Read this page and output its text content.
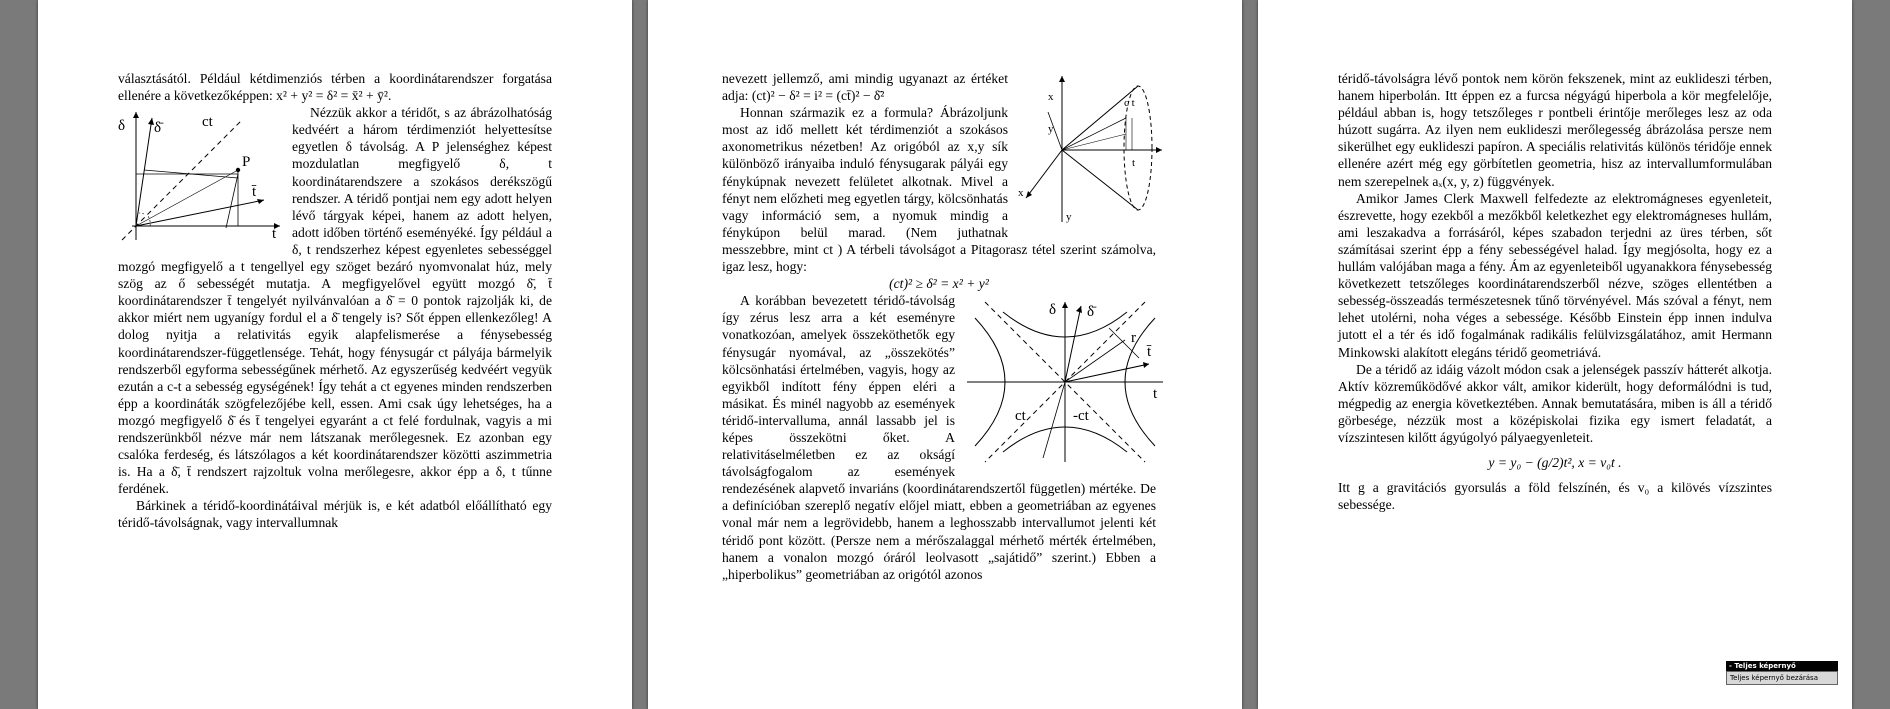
választásától. Például kétdimenziós térben a koordinátarendszer forgatása ellenére a következőképpen: x² + y² = δ² = x̄² + ȳ².

δ δ̄	ct
P
t̄
t
Nézzük akkor a téridőt, s az ábrázolhatóság kedvéért a három térdimenziót helyettesítse egyetlen δ távolság. A P jelenséghez képest mozdulatlan megfigyelő δ, t koordinátarendszere a szokásos derékszögű rendszer. A téridő pontjai nem egy adott helyen lévő tárgyak képei, hanem az adott helyen, adott időben történő eseményéké. Így például a δ, t rendszerhez képest egyenletes sebességgel mozgó megfigyelő a t tengellyel egy szöget bezáró nyomvonalat húz, mely szög az ő sebességét mutatja. A megfigyelővel együtt mozgó δ̄, t̄ koordinátarendszer t̄ tengelyét nyilvánvalóan a δ̄ = 0 pontok rajzolják ki, de akkor miért nem ugyanígy fordul el a δ̄ tengely is? Sőt éppen ellenkezőleg! A dolog nyitja a relativitás egyik alapfelismerése a fénysebesség koordinátarendszer-függetlensége. Tehát, hogy fénysugár ct pályája bármelyik rendszerből egyforma sebességűnek mérhető. Az egyszerűség kedvéért vegyük ezután a c-t a sebesség egységének! Így tehát a ct egyenes minden rendszerben épp a koordináták szögfelezőjébe kell, essen. Ami csak úgy lehetséges, ha a mozgó megfigyelő δ̄ és t̄ tengelyei egyaránt a ct felé fordulnak, vagyis a mi rendszerünkből nézve már nem látszanak merőlegesnek. Ez azonban egy csalóka ferdeség, és látszólagos a két koordinátarendszer közötti aszimmetria is. Ha a δ̄, t̄ rendszert rajzoltuk volna merőlegesre, akkor épp a δ, t tűnne ferdének.

Bárkinek a téridő-koordinátáival mérjük is, e két adatból előállítható egy téridő-távolságnak, vagy intervallumnak

x
y
c t
t
x
y
nevezett jellemző, ami mindig ugyanazt az értéket adja: (ct)² − δ² = i² = (ct̄)² − δ̄²

Honnan származik ez a formula? Ábrázoljunk most az idő mellett két térdimenziót a szokásos axonometrikus nézetben! Az origóból az x,y sík különböző irányaiba induló fénysugarak pályái egy fénykúpnak nevezett felületet alkotnak. Mivel a fényt nem előzheti meg egyetlen tárgy, kölcsönhatás vagy információ sem, a nyomuk mindig a fénykúpon belül marad. (Nem juthatnak messzebbre, mint ct ) A térbeli távolságot a Pitagorasz tétel szerint számolva, igaz lesz, hogy:

(ct)² ≥ δ² = x² + y²

δ δ̄
r
t̄
t
ct	-ct
A korábban bevezetett téridő-távolság így zérus lesz arra a két eseményre vonatkozóan, amelyek összeköthetők egy fénysugár nyomával, az „összekötés” kölcsönhatási értelmében, vagyis, hogy az egyikből indított fény éppen eléri a másikat. És minél nagyobb az események téridő-intervalluma, annál lassabb jel is képes összekötni őket. A relativitáselméletben ez az okságí távolságfogalom az események rendezésének alapvető invariáns (koordinátarendszertől független) mértéke. De a definícióban szereplő negatív előjel miatt, ebben a geometriában az egyenes vonal már nem a legrövidebb, hanem a leghosszabb intervallumot jelenti két téridő pont között. (Persze nem a mérőszalaggal mérhető mérték értelmében, hanem a vonalon mozgó óráról leolvasott „sajátidő” szerint.) Ebben a „hiperbolikus” geometriában az origótól azonos

téridő-távolságra lévő pontok nem körön fekszenek, mint az euklideszi térben, hanem hiperbolán. Itt éppen ez a furcsa négyágú hiperbola a kör megfelelője, például abban is, hogy tetszőleges r pontbeli érintője merőleges lesz az oda húzott sugárra. Az ilyen nem euklideszi merőlegesség ábrázolása persze nem sikerülhet egy euklideszi papíron. A speciális relativitás különös téridője ennek ellenére azért még egy görbítetlen geometria, hisz az intervallumformulában nem szerepelnek aₓ(x, y, z) függvények.

Amikor James Clerk Maxwell felfedezte az elektromágneses egyenleteit, észrevette, hogy ezekből a mezőkből keletkezhet egy elektromágneses hullám, ami leszakadva a forrásáról, képes szabadon terjedni az üres térben, sőt számításai szerint épp a fény sebességével halad. Így megjósolta, hogy ez a hullám valójában maga a fény. Ám az egyenleteiből ugyanakkora fénysebesség következett tetszőleges koordinátarendszerből nézve, szöges ellentétben a sebesség-összeadás természetesnek tűnő törvényével. Más szóval a fényt, nem lehet utolérni, noha véges a sebessége. Később Einstein épp innen indulva jutott el a tér és idő fogalmának radikális felülvizsgálatához, amit Hermann Minkowski alakított elegáns téridő geometriává.

De a téridő az idáig vázolt módon csak a jelenségek passzív hátterét alkotja. Aktív közreműködővé akkor vált, amikor kiderült, hogy deformálódni is tud, mégpedig az energia következtében. Annak bemutatására, miben is áll a téridő görbesége, nézzük most a középiskolai fizika egy ismert feladatát, a vízszintesen kilőtt ágyúgolyó pályaegyenleteit.

y = y₀ − (g/2)t², x = v₀t .

Itt g a gravitációs gyorsulás a föld felszínén, és v₀ a kilövés vízszintes sebessége.

- Teljes képernyő
Teljes képernyő bezárása
